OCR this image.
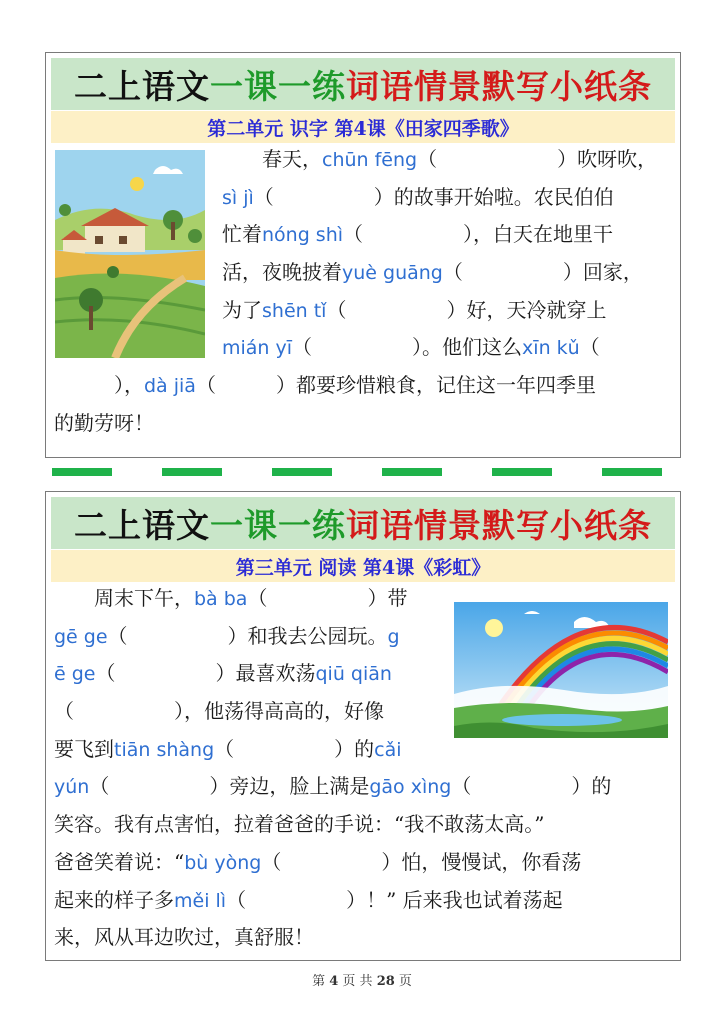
二上语文 一课一练 词语情景默写小纸条
第二单元 识字 第4课《田家四季歌》

　　春天，chūn fēng（　　　　　　）吹呀吹，

sì jì（　　　　　）的故事开始啦。农民伯伯

忙着nóng shì（　　　　　），白天在地里干

活，夜晚披着yuè guāng（　　　　　）回家，

为了shēn tǐ（　　　　　）好，天冷就穿上

mián yī（　　　　　）。他们这么xīn kǔ（

　　　），dà jiā（　　　）都要珍惜粮食，记住这一年四季里

的勤劳呀！

二上语文 一课一练 词语情景默写小纸条
第三单元 阅读 第4课《彩虹》

　　周末下午，bà ba（　　　　　）带

gē ge（　　　　　）和我去公园玩。g

ē ge（　　　　　）最喜欢荡qiū qiān

（　　　　　），他荡得高高的，好像

要飞到tiān shàng（　　　　　）的cǎi

yún（　　　　　）旁边，脸上满是gāo xìng（　　　　　）的

笑容。我有点害怕，拉着爸爸的手说：“我不敢荡太高。”

爸爸笑着说：“bù yòng（　　　　　）怕，慢慢试，你看荡

起来的样子多měi lì（　　　　　）！” 后来我也试着荡起

来，风从耳边吹过，真舒服！

第 4 页 共 28 页
